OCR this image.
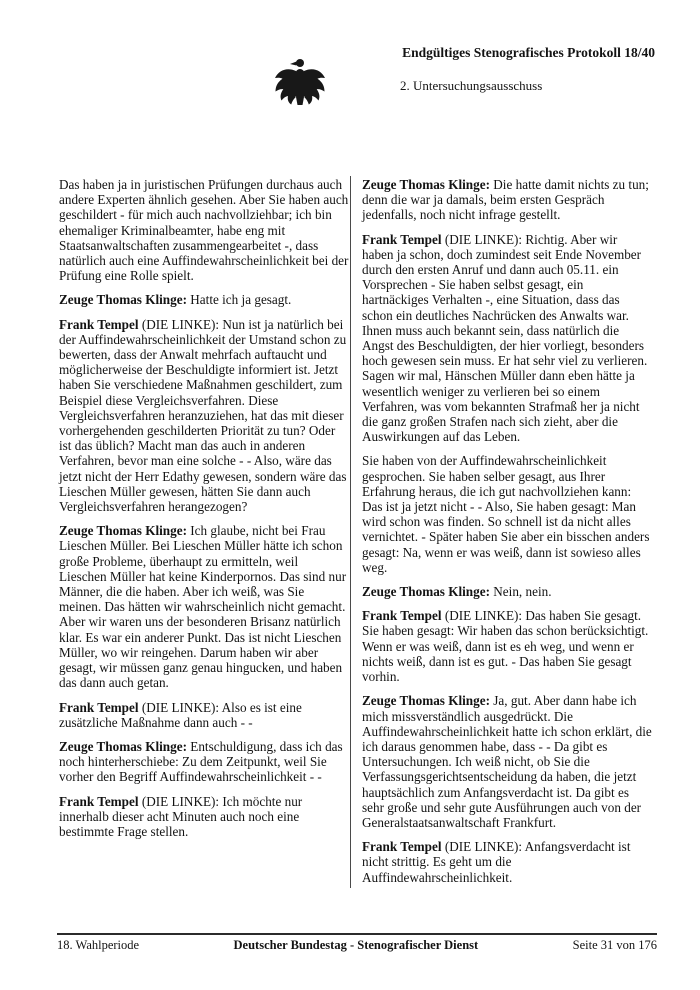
Endgültiges Stenografisches Protokoll 18/40
2. Untersuchungsausschuss

Das haben ja in juristischen Prüfungen durchaus auch andere Experten ähnlich gesehen. Aber Sie haben auch geschildert - für mich auch nachvollziehbar; ich bin ehemaliger Kriminalbeamter, habe eng mit Staatsanwaltschaften zusammengearbeitet -, dass natürlich auch eine Auffindewahrscheinlichkeit bei der Prüfung eine Rolle spielt.

Zeuge Thomas Klinge: Hatte ich ja gesagt.

Frank Tempel (DIE LINKE): Nun ist ja natürlich bei der Auffindewahrscheinlichkeit der Umstand schon zu bewerten, dass der Anwalt mehrfach auftaucht und möglicherweise der Beschuldigte informiert ist. Jetzt haben Sie verschiedene Maßnahmen geschildert, zum Beispiel diese Vergleichsverfahren. Diese Vergleichsverfahren heranzuziehen, hat das mit dieser vorhergehenden geschilderten Priorität zu tun? Oder ist das üblich? Macht man das auch in anderen Verfahren, bevor man eine solche - - Also, wäre das jetzt nicht der Herr Edathy gewesen, sondern wäre das Lieschen Müller gewesen, hätten Sie dann auch Vergleichsverfahren herangezogen?

Zeuge Thomas Klinge: Ich glaube, nicht bei Frau Lieschen Müller. Bei Lieschen Müller hätte ich schon große Probleme, überhaupt zu ermitteln, weil Lieschen Müller hat keine Kinderpornos. Das sind nur Männer, die die haben. Aber ich weiß, was Sie meinen. Das hätten wir wahrscheinlich nicht gemacht. Aber wir waren uns der besonderen Brisanz natürlich klar. Es war ein anderer Punkt. Das ist nicht Lieschen Müller, wo wir reingehen. Darum haben wir aber gesagt, wir müssen ganz genau hingucken, und haben das dann auch getan.

Frank Tempel (DIE LINKE): Also es ist eine zusätzliche Maßnahme dann auch - -

Zeuge Thomas Klinge: Entschuldigung, dass ich das noch hinterherschiebe: Zu dem Zeitpunkt, weil Sie vorher den Begriff Auffindewahrscheinlichkeit - -

Frank Tempel (DIE LINKE): Ich möchte nur innerhalb dieser acht Minuten auch noch eine bestimmte Frage stellen.

Zeuge Thomas Klinge: Die hatte damit nichts zu tun; denn die war ja damals, beim ersten Gespräch jedenfalls, noch nicht infrage gestellt.

Frank Tempel (DIE LINKE): Richtig. Aber wir haben ja schon, doch zumindest seit Ende November durch den ersten Anruf und dann auch 05.11. ein Vorsprechen - Sie haben selbst gesagt, ein hartnäckiges Verhalten -, eine Situation, dass das schon ein deutliches Nachrücken des Anwalts war. Ihnen muss auch bekannt sein, dass natürlich die Angst des Beschuldigten, der hier vorliegt, besonders hoch gewesen sein muss. Er hat sehr viel zu verlieren. Sagen wir mal, Hänschen Müller dann eben hätte ja wesentlich weniger zu verlieren bei so einem Verfahren, was vom bekannten Strafmaß her ja nicht die ganz großen Strafen nach sich zieht, aber die Auswirkungen auf das Leben.

Sie haben von der Auffindewahrscheinlichkeit gesprochen. Sie haben selber gesagt, aus Ihrer Erfahrung heraus, die ich gut nachvollziehen kann: Das ist ja jetzt nicht - - Also, Sie haben gesagt: Man wird schon was finden. So schnell ist da nicht alles vernichtet. - Später haben Sie aber ein bisschen anders gesagt: Na, wenn er was weiß, dann ist sowieso alles weg.

Zeuge Thomas Klinge: Nein, nein.

Frank Tempel (DIE LINKE): Das haben Sie gesagt. Sie haben gesagt: Wir haben das schon berücksichtigt. Wenn er was weiß, dann ist es eh weg, und wenn er nichts weiß, dann ist es gut. - Das haben Sie gesagt vorhin.

Zeuge Thomas Klinge: Ja, gut. Aber dann habe ich mich missverständlich ausgedrückt. Die Auffindewahrscheinlichkeit hatte ich schon erklärt, die ich daraus genommen habe, dass - - Da gibt es Untersuchungen. Ich weiß nicht, ob Sie die Verfassungsgerichtsentscheidung da haben, die jetzt hauptsächlich zum Anfangsverdacht ist. Da gibt es sehr große und sehr gute Ausführungen auch von der Generalstaatsanwaltschaft Frankfurt.

Frank Tempel (DIE LINKE): Anfangsverdacht ist nicht strittig. Es geht um die Auffindewahrscheinlichkeit.

18. Wahlperiode	Deutscher Bundestag - Stenografischer Dienst	Seite 31 von 176
